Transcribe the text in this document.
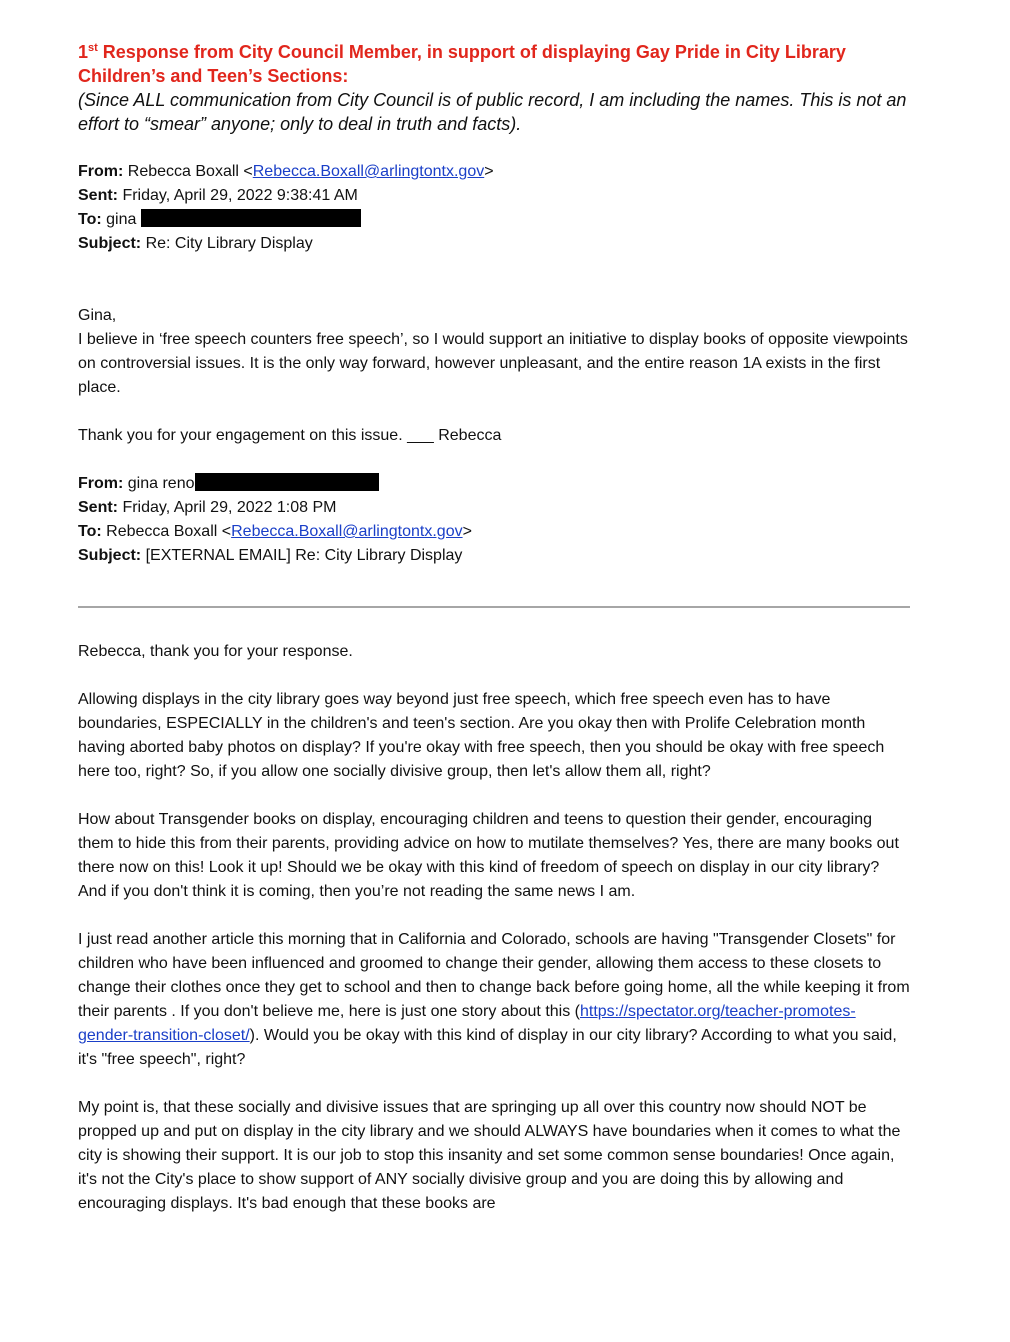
1st Response from City Council Member, in support of displaying Gay Pride in City Library Children’s and Teen’s Sections:

(Since ALL communication from City Council is of public record, I am including the names. This is not an effort to “smear” anyone; only to deal in truth and facts).

From: Rebecca Boxall <Rebecca.Boxall@arlingtontx.gov>
Sent: Friday, April 29, 2022 9:38:41 AM
To: gina
Subject: Re: City Library Display

Gina,

I believe in ‘free speech counters free speech’, so I would support an initiative to display books of opposite viewpoints on controversial issues. It is the only way forward, however unpleasant, and the entire reason 1A exists in the first place.

Thank you for your engagement on this issue. ___ Rebecca

From: gina reno
Sent: Friday, April 29, 2022 1:08 PM
To: Rebecca Boxall <Rebecca.Boxall@arlingtontx.gov>
Subject: [EXTERNAL EMAIL] Re: City Library Display

Rebecca, thank you for your response.

Allowing displays in the city library goes way beyond just free speech, which free speech even has to have boundaries, ESPECIALLY in the children's and teen's section. Are you okay then with Prolife Celebration month having aborted baby photos on display? If you're okay with free speech, then you should be okay with free speech here too, right? So, if you allow one socially divisive group, then let's allow them all, right?

How about Transgender books on display, encouraging children and teens to question their gender, encouraging them to hide this from their parents, providing advice on how to mutilate themselves? Yes, there are many books out there now on this! Look it up! Should we be okay with this kind of freedom of speech on display in our city library? And if you don't think it is coming, then you’re not reading the same news I am.

I just read another article this morning that in California and Colorado, schools are having "Transgender Closets" for children who have been influenced and groomed to change their gender, allowing them access to these closets to change their clothes once they get to school and then to change back before going home, all the while keeping it from their parents . If you don't believe me, here is just one story about this (https://spectator.org/teacher-promotes-gender-transition-closet/). Would you be okay with this kind of display in our city library? According to what you said, it's "free speech", right?

My point is, that these socially and divisive issues that are springing up all over this country now should NOT be propped up and put on display in the city library and we should ALWAYS have boundaries when it comes to what the city is showing their support. It is our job to stop this insanity and set some common sense boundaries! Once again, it's not the City's place to show support of ANY socially divisive group and you are doing this by allowing and encouraging displays. It's bad enough that these books are
